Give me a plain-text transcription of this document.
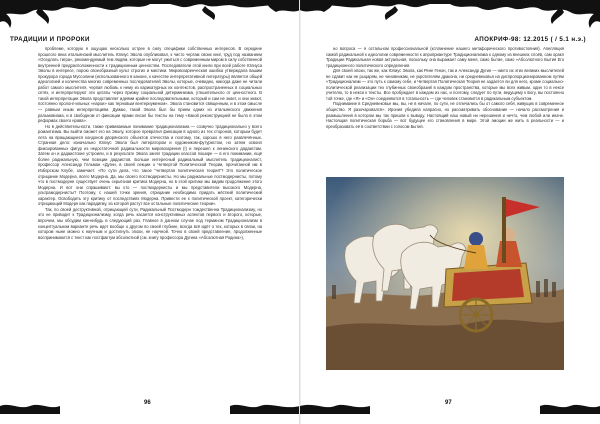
ТРАДИЦИИ И ПРОРОКИ

проблеме, которую я ощущаю несколько острее в силу специфики собственных интересов. В середине прошлого века итальянский мыслитель Юлиус Эвола опубликовал, к чисто чертам своих книг, труд под названием «Оседлать тигра», рекомендуемый тем людям, которые не могут ужиться с современным миром в силу собственной внутренней предрасположенности к традиционным ценностям. Последователи этой книги при всей работе Юлиуса Эволы в интересе, порою своеобразный культ строгих и мистики. Мировоззренческая ошибка утверждала вашим прокурора города Муссолини (использованного в каноне, к качестве интерпретативной литературы) является общей идеологией и количества многих современных последователей Эволы, которые, очевидно, никогда даже не читали работ самого мыслителя, черпая любовь к нему из карикатурных их контекстов, распространенных в социальных сетях, и интерпретируют эти цитаты через призму социальной детерминизма, утешительного от ценностного. В такой интерпретации Эвола представляет идеями крайне последовательными, который и сам не знает, и они знают, постоянно пролонг-ильных «нарои» как терновым вентериуменом». Эвола становится священным, и в этом смысле — равным иным интерпретациям. Думаю, такой Эвола был бы прием одних из итальянского движения ральмовизма, и в свободном от фиксации ярами писал бы тексты на тему «Какой реконструкцией не было в этом реформах своего нрава».

Но в действительности, также прививаемые понимание традиционализма — созвучно традиционально у всего романтизма. Вы выйти сможет его на Эволу, которое превратил фиксации в одного из тех сторонов, которым будет лета на вращающиеся кондонов дворянского объектов отечества и поэтому, так, хорошо в него развлечённых. Странная дело: изначально Юлиус Эвола был литератором и художником-футуристом, но затем освоил фиксированных фигур из недостаточной радикальности мировоззрения (!) и перешел к ленинского дадаистам. Затем он и дадаистские устроили, и в результате Эвола занял традиции классов пошире — в его понимании, ещё более радикальную, чем позиции дадаистов. Больше интересный радикальный мыслитель традиционалист, профессор Александр Гельман «Дугин, в своей лекции о Четвертой Политической Теории, прочитанной им в Изборском Клубе, замечает: «По сути дела, что такое "четвертая политическая теория"? Это политическое отрицание Модерна, всего Модерна. Да, мы своего постмодернисты. Но мы радикальные постмодернисты, потому что в постмодерне существует очень серьёзная критика Модерна, но в этой критике мы видим продолжение этого Модерна. И вот они спрашивают: вы кто — постмодернисты и мы представители высокого Модерна, ультрамодернисты? Поэтому, с нашей точки зрения, отрицание необходимо придать жёсткий политический характер. Освободить эту критику от последствиях Модерна. Привести ее к политической проект, категорически отрицающий Модерн как парадигму, из которой растут все остальные политические теории».

Так, по своей деструктивной, отрицающей сути, Радикальный Постмодерн тождественна Традиционализму, но это не приводит к Традиционализму, когда речь касается конструктивных аспектов первого и второго, которые, впрочем, мы обсудим как-нибудь в следующий раз. Главное в данном случае под термином Традиционализм в концептуальном варианте речь идет вообще о другом по своей глубине, всегда всё идёт о тех, которых в связи, на котором ныне можно к научным и достигнуть эпохи, не научной. Точно в своей представление, продолженные воспринимаются с текст как постфактум абсолютной (см. книгу профессора Дугина «Абсолютная Родина»),

96
АПОКРИФ-98: 12.2015 ( / 5.1 н.э.)

но вопроса — я остальном профессиональной (ксплинение нашего метафорического противостояния). Апелляция самой радикальной к идеологии современности к апроприантуре Традиционализма к одному из внешних слоёв, сам оракл Традиции Радикальная новая актуальная, поскольку она выражает саму меня, само бытие, само «Абсолютного Бытия Его традиционного политического определения.

Для своей эпохи, так же, как Юлиус Эвола, как Рене Генон, так и Александр Дугин — никто их этих великих мыслителей не сдавит как не рыцарям, не чиновникам, не укротителям дракона, ни средневековья на диспропорционированном путём «Традиционализм — это путь к самому себе, и Четвертая Политическая Теория не задается ли для него, кроме социально-политической реализации тех глубинных своеобразий в каждом пространства, которые мы всех живым, один то в нексе учителю, то в некси к тексты. Все пробуждает в каждом из нас, и поэтому, следует по пути, ведущему к Богу, вы постоянно той точке, где «Я» и «Он» соединяются в тотальность — где человек становится в радикальным субъектом.

Поднимание в Средневековье мы, вы, не в начале, по сути, не отличались бы от самого себя, живущих в современное общество. Я разочаровался». Ирония убедила напрасно, но рассматривать обоснование — начало рассмотрения и размышления в котором мы так пришли к выводу. Настоящий наш новый ни нерешения и нечто, чем любой или иначе. Настоящая политическая борьба — вот будущее его становления в мире. Этой эмоции же жить в реальности — и преобразовать её в соответствии с голосом Бытия.

97
